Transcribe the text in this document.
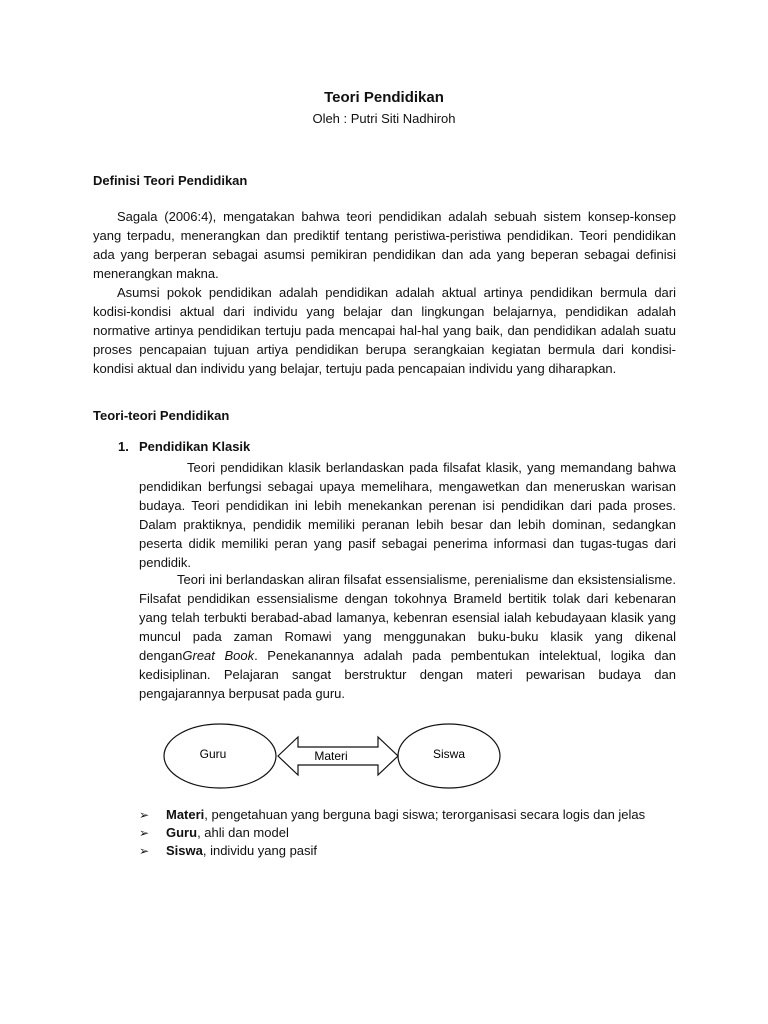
Teori Pendidikan
Oleh : Putri Siti Nadhiroh
Definisi Teori Pendidikan

Sagala (2006:4), mengatakan bahwa teori pendidikan adalah sebuah sistem konsep-konsep yang terpadu, menerangkan dan prediktif tentang peristiwa-peristiwa pendidikan. Teori pendidikan ada yang berperan sebagai asumsi pemikiran pendidikan dan ada yang beperan sebagai definisi menerangkan makna.

Asumsi pokok pendidikan adalah pendidikan adalah aktual artinya pendidikan bermula dari kodisi-kondisi aktual dari individu yang belajar dan lingkungan belajarnya, pendidikan adalah normative artinya pendidikan tertuju pada mencapai hal-hal yang baik, dan pendidikan adalah suatu proses pencapaian tujuan artiya pendidikan berupa serangkaian kegiatan bermula dari kondisi-kondisi aktual dan individu yang belajar, tertuju pada pencapaian individu yang diharapkan.

Teori-teori Pendidikan
1. Pendidikan Klasik

Teori pendidikan klasik berlandaskan pada filsafat klasik, yang memandang bahwa pendidikan berfungsi sebagai upaya memelihara, mengawetkan dan meneruskan warisan budaya. Teori pendidikan ini lebih menekankan perenan isi pendidikan dari pada proses. Dalam praktiknya, pendidik memiliki peranan lebih besar dan lebih dominan, sedangkan peserta didik memiliki peran yang pasif sebagai penerima informasi dan tugas-tugas dari pendidik.

Teori ini berlandaskan aliran filsafat essensialisme, perenialisme dan eksistensialisme. Filsafat pendidikan essensialisme dengan tokohnya Brameld bertitik tolak dari kebenaran yang telah terbukti berabad-abad lamanya, kebenran esensial ialah kebudayaan klasik yang muncul pada zaman Romawi yang menggunakan buku-buku klasik yang dikenal denganGreat Book. Penekanannya adalah pada pembentukan intelektual, logika dan kedisiplinan. Pelajaran sangat berstruktur dengan materi pewarisan budaya dan pengajarannya berpusat pada guru.

Guru	Materi	Siswa
➢ Materi, pengetahuan yang berguna bagi siswa; terorganisasi secara logis dan jelas
➢ Guru, ahli dan model
➢ Siswa, individu yang pasif
